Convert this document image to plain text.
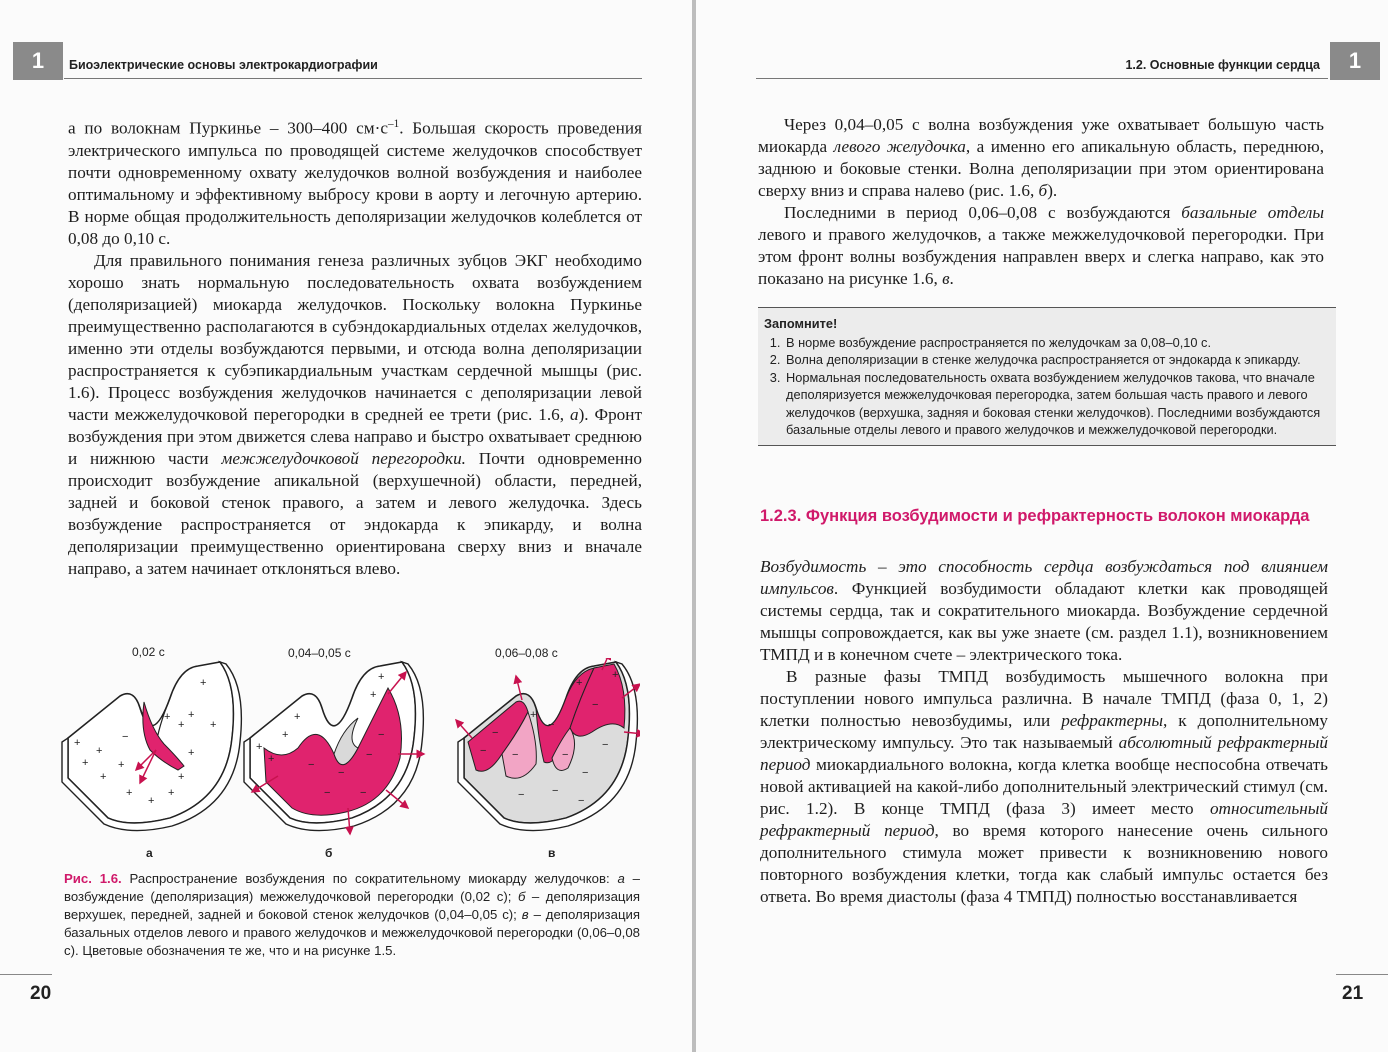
1	Биоэлектрические основы электрокардиографии

а по волокнам Пуркинье – 300–400 $см\cdot с^{-1}$. Большая скорость проведения электрического импульса по проводящей системе желудочков способствует почти одновременному охвату желудочков волной возбуждения и наиболее оптимальному и эффективному выбросу крови в аорту и легочную артерию. В норме общая продолжительность деполяризации желудочков колеблется от 0,08 до 0,10 с.

Для правильного понимания генеза различных зубцов ЭКГ необходимо хорошо знать нормальную последовательность охвата возбуждением (деполяризацией) миокарда желудочков. Поскольку волокна Пуркинье преимущественно располагаются в субэндокардиальных отделах желудочков, именно эти отделы возбуждаются первыми, и отсюда волна деполяризации распространяется к субэпикардиальным участкам сердечной мышцы (рис. 1.6). Процесс возбуждения желудочков начинается с деполяризации левой части межжелудочковой перегородки в средней ее трети (рис. 1.6, а). Фронт возбуждения при этом движется слева направо и быстро охватывает среднюю и нижнюю части межжелудочковой перегородки. Почти одновременно происходит возбуждение апикальной (верхушечной) области, передней, задней и боковой стенок правого, а затем и левого желудочка. Здесь возбуждение распространяется от эндокарда к эпикарду, и волна деполяризации преимущественно ориентирована сверху вниз и вначале направо, а затем начинает отклоняться влево.

0,02 с	0,04–0,05 с	0,06–0,08 с
+
+
+
+
+
−
+
+
+
+
+
+
+
+
+
+
+
+
+
+
+
+
−
−
−
−	−
−
−
−
−
−
−
−
−
−	−
−
−
+
+
+
а	б	в
Рис. 1.6. Распространение возбуждения по сократительному миокарду желудочков: а – возбуждение (деполяризация) межжелудочковой перегородки (0,02 с); б – деполяризация верхушек, передней, задней и боковой стенок желудочков (0,04–0,05 с); в – деполяризация базальных отделов левого и правого желудочков и межжелудочковой перегородки (0,06–0,08 с). Цветовые обозначения те же, что и на рисунке 1.5.
20
1
1.2. Основные функции сердца

Через 0,04–0,05 с волна возбуждения уже охватывает большую часть миокарда левого желудочка, а именно его апикальную область, переднюю, заднюю и боковые стенки. Волна деполяризации при этом ориентирована сверху вниз и справа налево (рис. 1.6, б).

Последними в период 0,06–0,08 с возбуждаются базальные отделы левого и правого желудочков, а также межжелудочковой перегородки. При этом фронт волны возбуждения направлен вверх и слегка направо, как это показано на рисунке 1.6, в.

Запомните!
1. В норме возбуждение распространяется по желудочкам за 0,08–0,10 с.
2. Волна деполяризации в стенке желудочка распространяется от эндокарда к эпикарду.
3. Нормальная последовательность охвата возбуждением желудочков такова, что вначале деполяризуется межжелудочковая перегородка, затем большая часть правого и левого желудочков (верхушка, задняя и боковая стенки желудочков). Последними возбуждаются базальные отделы левого и правого желудочков и межжелудочковой перегородки.
1.2.3. Функция возбудимости и рефрактерность волокон миокарда

Возбудимость – это способность сердца возбуждаться под влиянием импульсов. Функцией возбудимости обладают клетки как проводящей системы сердца, так и сократительного миокарда. Возбуждение сердечной мышцы сопровождается, как вы уже знаете (см. раздел 1.1), возникновением ТМПД и в конечном счете – электрического тока.

В разные фазы ТМПД возбудимость мышечного волокна при поступлении нового импульса различна. В начале ТМПД (фаза 0, 1, 2) клетки полностью невозбудимы, или рефрактерны, к дополнительному электрическому импульсу. Это так называемый абсолютный рефрактерный период миокардиального волокна, когда клетка вообще неспособна отвечать новой активацией на какой-либо дополнительный электрический стимул (см. рис. 1.2). В конце ТМПД (фаза 3) имеет место относительный рефрактерный период, во время которого нанесение очень сильного дополнительного стимула может привести к возникновению нового повторного возбуждения клетки, тогда как слабый импульс остается без ответа. Во время диастолы (фаза 4 ТМПД) полностью восстанавливается

21
